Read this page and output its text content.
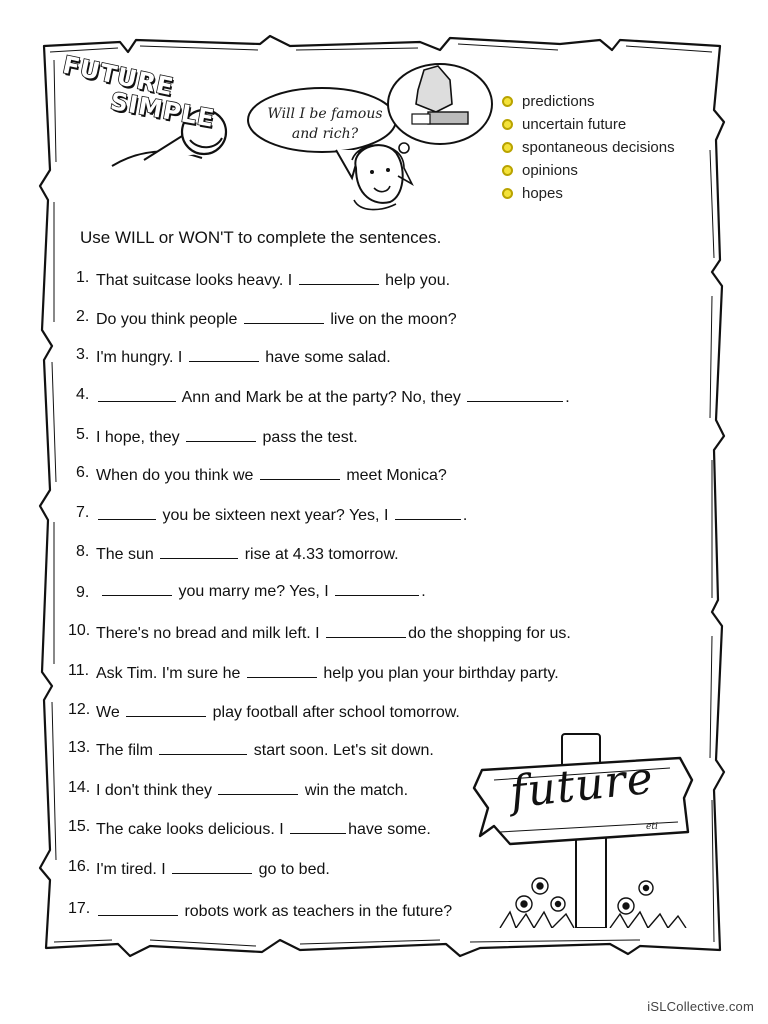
FUTURE
SIMPLE	Will I be famous and rich?
predictions
uncertain future
spontaneous decisions
opinions
hopes
Use WILL or WON'T to complete the sentences.
1. That suitcase looks heavy. I	help you.
2. Do you think people	live on the moon?
3. I'm hungry. I	have some salad.
4.	Ann and Mark be at the party? No, they	.
5. I hope, they	pass the test.
6. When do you think we	meet Monica?
7.	you be sixteen next year? Yes, I	.
8. The sun	rise at 4.33 tomorrow.
9.	you marry me? Yes, I	.
10. There's no bread and milk left. I	do the shopping for us.
11. Ask Tim. I'm sure he	help you plan your birthday party.
12. We	play football after school tomorrow.
13. The film	start soon. Let's sit down.
14. I don't think they	win the match.
15. The cake looks delicious. I	have some.
16. I'm tired. I	go to bed.
17.	robots work as teachers in the future?
future
eti
iSLCollective.com
